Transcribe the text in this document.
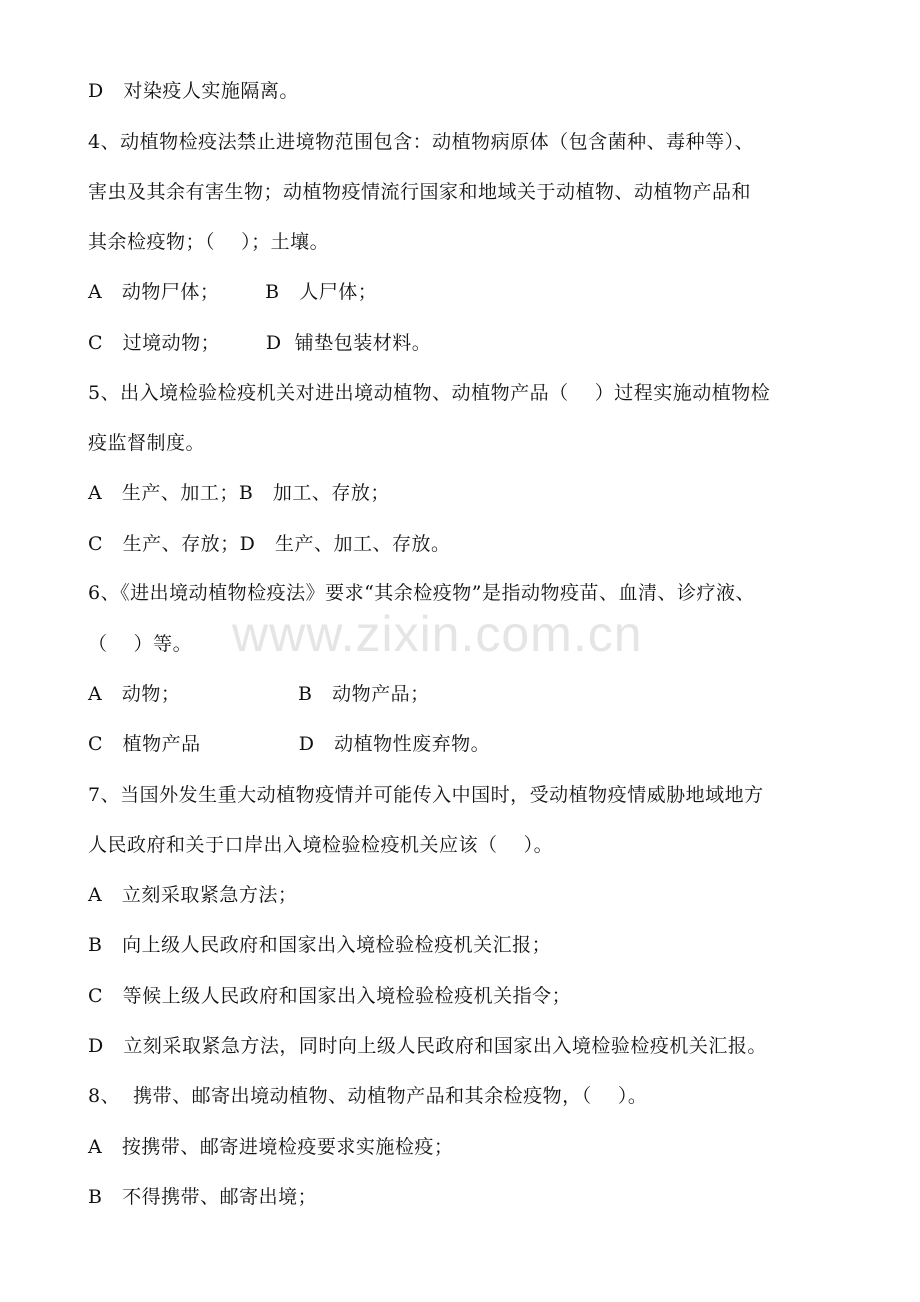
D   对染疫人实施隔离。
4、动植物检疫法禁止进境物范围包含：动植物病原体（包含菌种、毒种等）、
害虫及其余有害生物；动植物疫情流行国家和地域关于动植物、动植物产品和
其余检疫物；（    ）；土壤。
A   动物尸体；       B   人尸体；
C   过境动物；       D  铺垫包装材料。
5、出入境检验检疫机关对进出境动植物、动植物产品（    ）过程实施动植物检
疫监督制度。
A   生产、加工；B   加工、存放；
C   生产、存放；D   生产、加工、存放。
6、《进出境动植物检疫法》要求“其余检疫物”是指动物疫苗、血清、诊疗液、
（    ）等。
A   动物；                  B   动物产品；
C   植物产品               D   动植物性废弃物。
7、当国外发生重大动植物疫情并可能传入中国时，受动植物疫情威胁地域地方
人民政府和关于口岸出入境检验检疫机关应该（    ）。
A   立刻采取紧急方法；
B   向上级人民政府和国家出入境检验检疫机关汇报；
C   等候上级人民政府和国家出入境检验检疫机关指令；
D   立刻采取紧急方法，同时向上级人民政府和国家出入境检验检疫机关汇报。
8、  携带、邮寄出境动植物、动植物产品和其余检疫物，（    ）。
A   按携带、邮寄进境检疫要求实施检疫；
B   不得携带、邮寄出境；
www.zixin.com.cn
